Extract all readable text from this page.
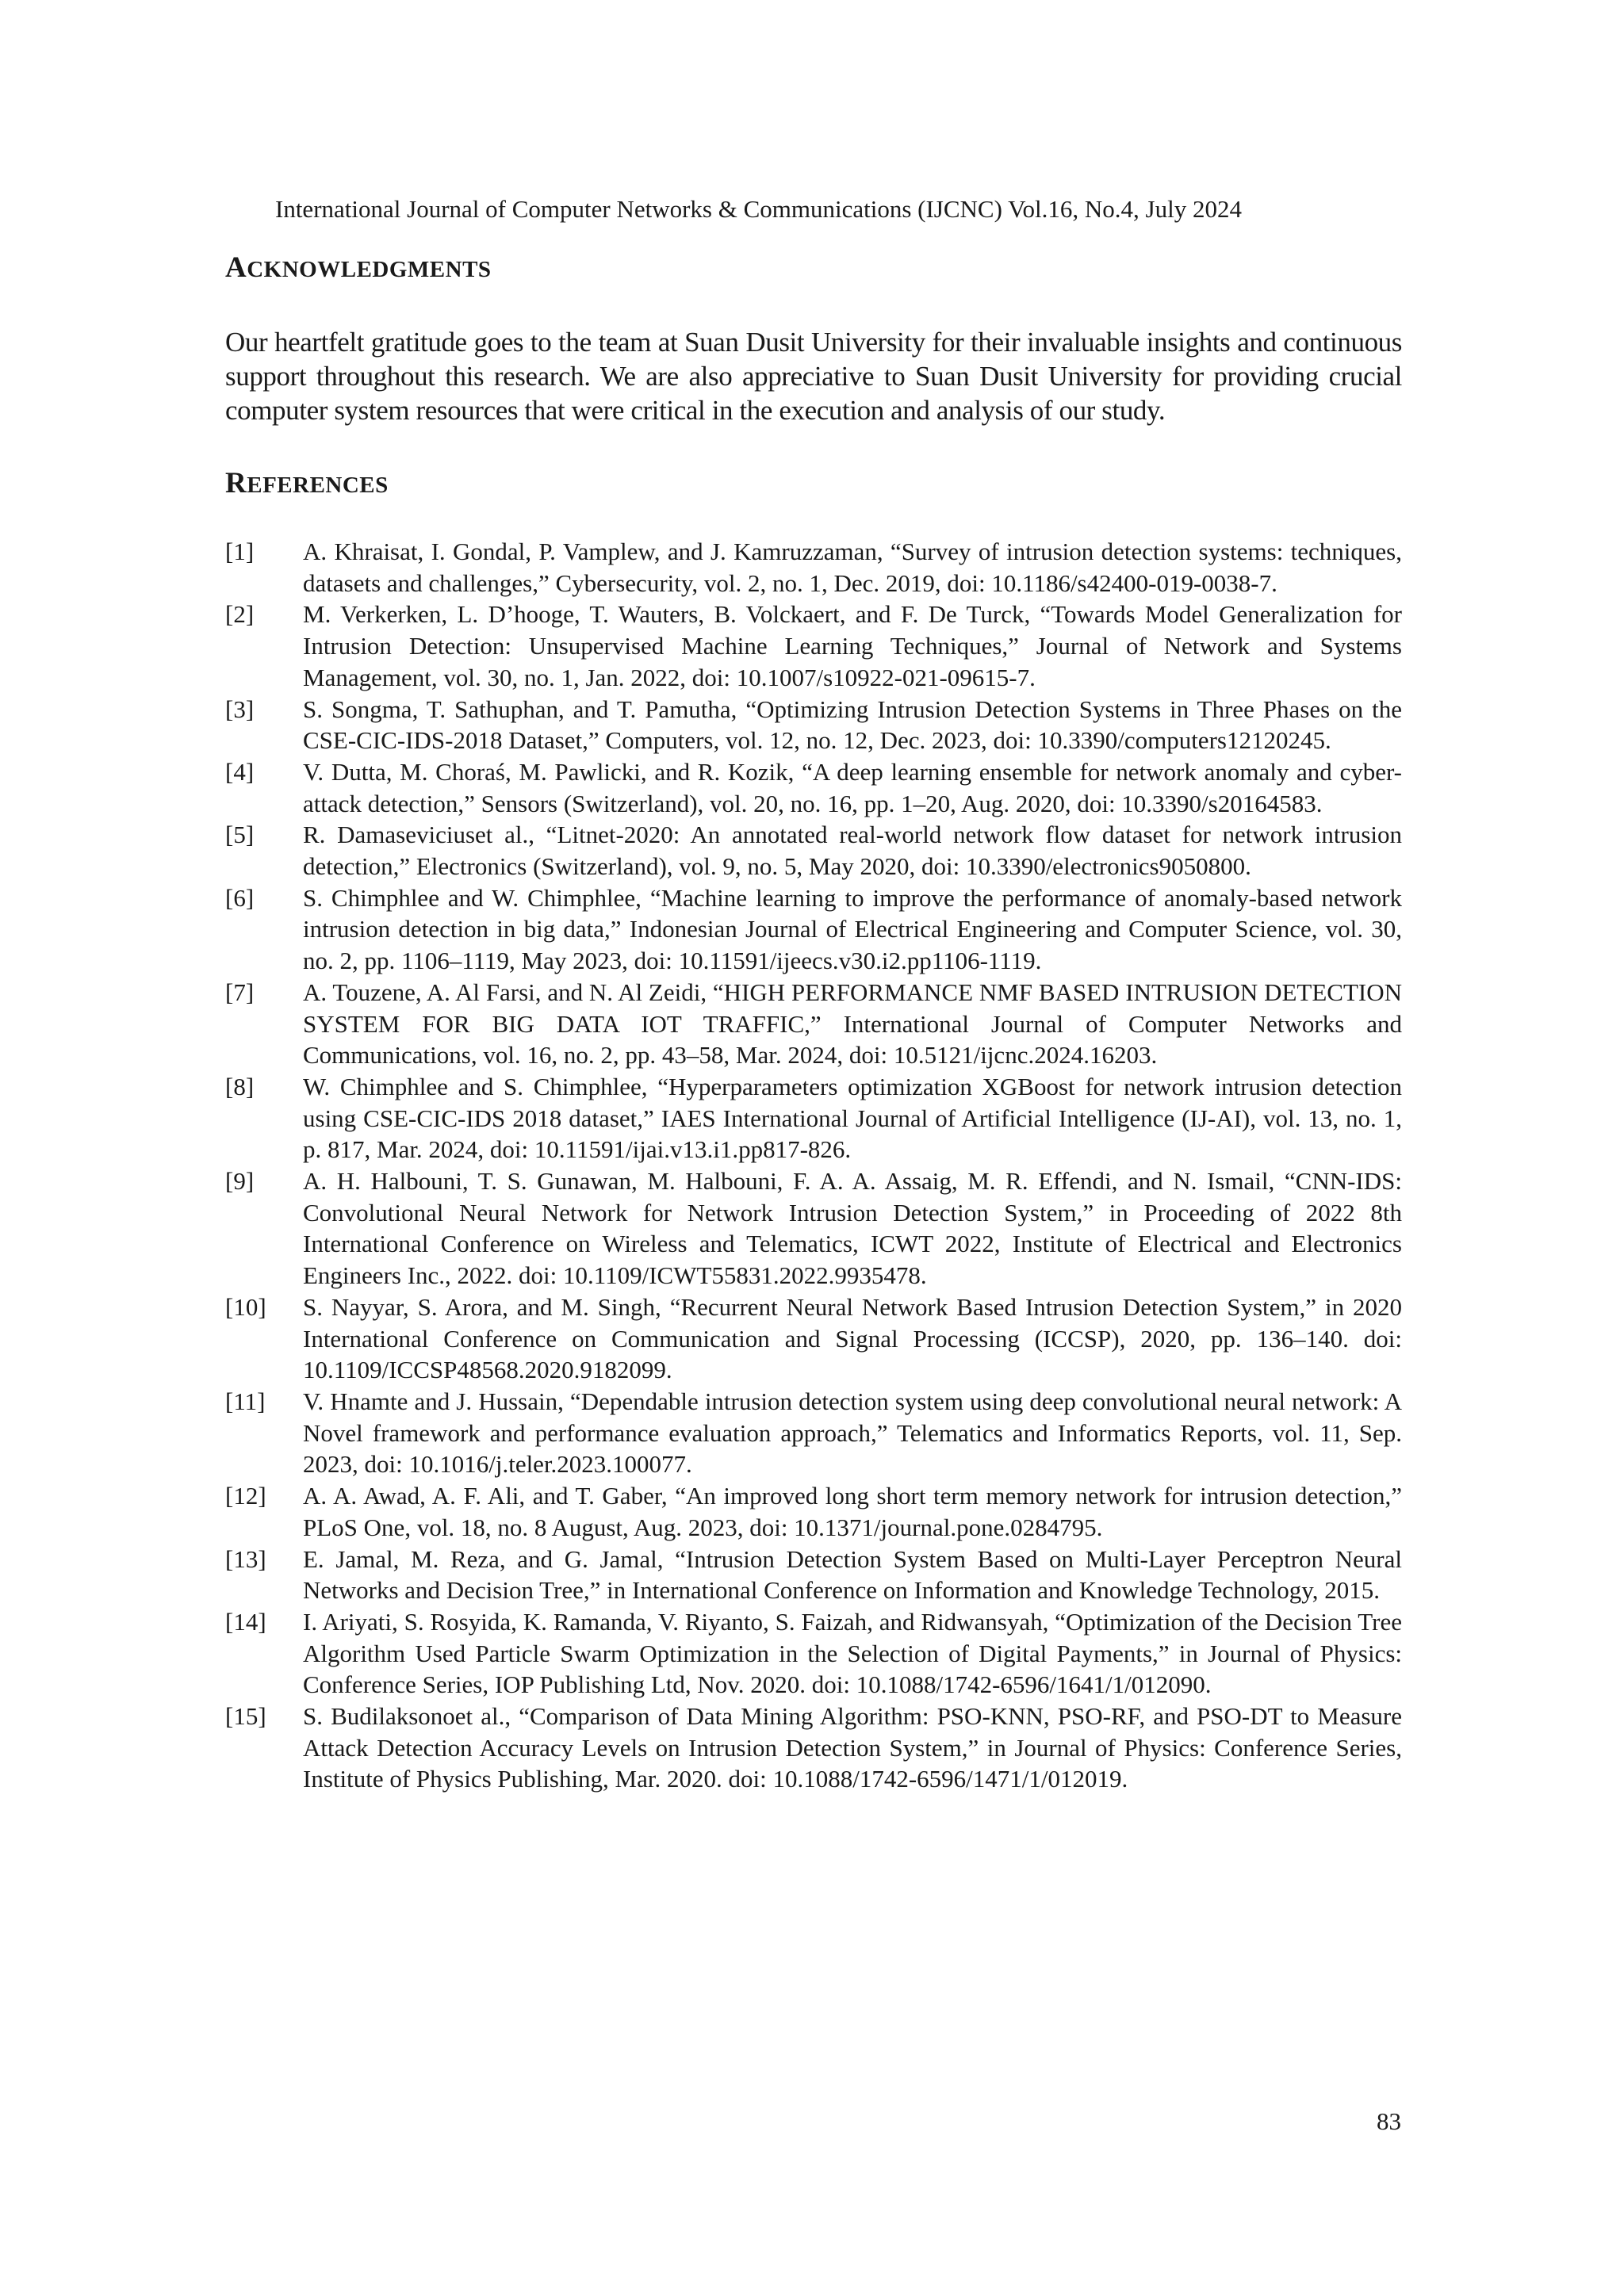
International Journal of Computer Networks & Communications (IJCNC) Vol.16, No.4, July 2024
ACKNOWLEDGMENTS
Our heartfelt gratitude goes to the team at Suan Dusit University for their invaluable insights and continuous support throughout this research. We are also appreciative to Suan Dusit University for providing crucial computer system resources that were critical in the execution and analysis of our study.
REFERENCES
[1]	A. Khraisat, I. Gondal, P. Vamplew, and J. Kamruzzaman, “Survey of intrusion detection systems: techniques, datasets and challenges,” Cybersecurity, vol. 2, no. 1, Dec. 2019, doi: 10.1186/s42400-019-0038-7.
[2]	M. Verkerken, L. D’hooge, T. Wauters, B. Volckaert, and F. De Turck, “Towards Model Generalization for Intrusion Detection: Unsupervised Machine Learning Techniques,” Journal of Network and Systems Management, vol. 30, no. 1, Jan. 2022, doi: 10.1007/s10922-021-09615-7.
[3]	S. Songma, T. Sathuphan, and T. Pamutha, “Optimizing Intrusion Detection Systems in Three Phases on the CSE-CIC-IDS-2018 Dataset,” Computers, vol. 12, no. 12, Dec. 2023, doi: 10.3390/computers12120245.
[4]	V. Dutta, M. Choraś, M. Pawlicki, and R. Kozik, “A deep learning ensemble for network anomaly and cyber-attack detection,” Sensors (Switzerland), vol. 20, no. 16, pp. 1–20, Aug. 2020, doi: 10.3390/s20164583.
[5]	R. Damaseviciuset al., “Litnet-2020: An annotated real-world network flow dataset for network intrusion detection,” Electronics (Switzerland), vol. 9, no. 5, May 2020, doi: 10.3390/electronics9050800.
[6]	S. Chimphlee and W. Chimphlee, “Machine learning to improve the performance of anomaly-based network intrusion detection in big data,” Indonesian Journal of Electrical Engineering and Computer Science, vol. 30, no. 2, pp. 1106–1119, May 2023, doi: 10.11591/ijeecs.v30.i2.pp1106-1119.
[7]	A. Touzene, A. Al Farsi, and N. Al Zeidi, “HIGH PERFORMANCE NMF BASED INTRUSION DETECTION SYSTEM FOR BIG DATA IOT TRAFFIC,” International Journal of Computer Networks and Communications, vol. 16, no. 2, pp. 43–58, Mar. 2024, doi: 10.5121/ijcnc.2024.16203.
[8]	W. Chimphlee and S. Chimphlee, “Hyperparameters optimization XGBoost for network intrusion detection using CSE-CIC-IDS 2018 dataset,” IAES International Journal of Artificial Intelligence (IJ-AI), vol. 13, no. 1, p. 817, Mar. 2024, doi: 10.11591/ijai.v13.i1.pp817-826.
[9]	A. H. Halbouni, T. S. Gunawan, M. Halbouni, F. A. A. Assaig, M. R. Effendi, and N. Ismail, “CNN-IDS: Convolutional Neural Network for Network Intrusion Detection System,” in Proceeding of 2022 8th International Conference on Wireless and Telematics, ICWT 2022, Institute of Electrical and Electronics Engineers Inc., 2022. doi: 10.1109/ICWT55831.2022.9935478.
[10]	S. Nayyar, S. Arora, and M. Singh, “Recurrent Neural Network Based Intrusion Detection System,” in 2020 International Conference on Communication and Signal Processing (ICCSP), 2020, pp. 136–140. doi: 10.1109/ICCSP48568.2020.9182099.
[11]	V. Hnamte and J. Hussain, “Dependable intrusion detection system using deep convolutional neural network: A Novel framework and performance evaluation approach,” Telematics and Informatics Reports, vol. 11, Sep. 2023, doi: 10.1016/j.teler.2023.100077.
[12]	A. A. Awad, A. F. Ali, and T. Gaber, “An improved long short term memory network for intrusion detection,” PLoS One, vol. 18, no. 8 August, Aug. 2023, doi: 10.1371/journal.pone.0284795.
[13]	E. Jamal, M. Reza, and G. Jamal, “Intrusion Detection System Based on Multi-Layer Perceptron Neural Networks and Decision Tree,” in International Conference on Information and Knowledge Technology, 2015.
[14]	I. Ariyati, S. Rosyida, K. Ramanda, V. Riyanto, S. Faizah, and Ridwansyah, “Optimization of the Decision Tree Algorithm Used Particle Swarm Optimization in the Selection of Digital Payments,” in Journal of Physics: Conference Series, IOP Publishing Ltd, Nov. 2020. doi: 10.1088/1742-6596/1641/1/012090.
[15]	S. Budilaksonoet al., “Comparison of Data Mining Algorithm: PSO-KNN, PSO-RF, and PSO-DT to Measure Attack Detection Accuracy Levels on Intrusion Detection System,” in Journal of Physics: Conference Series, Institute of Physics Publishing, Mar. 2020. doi: 10.1088/1742-6596/1471/1/012019.
83
